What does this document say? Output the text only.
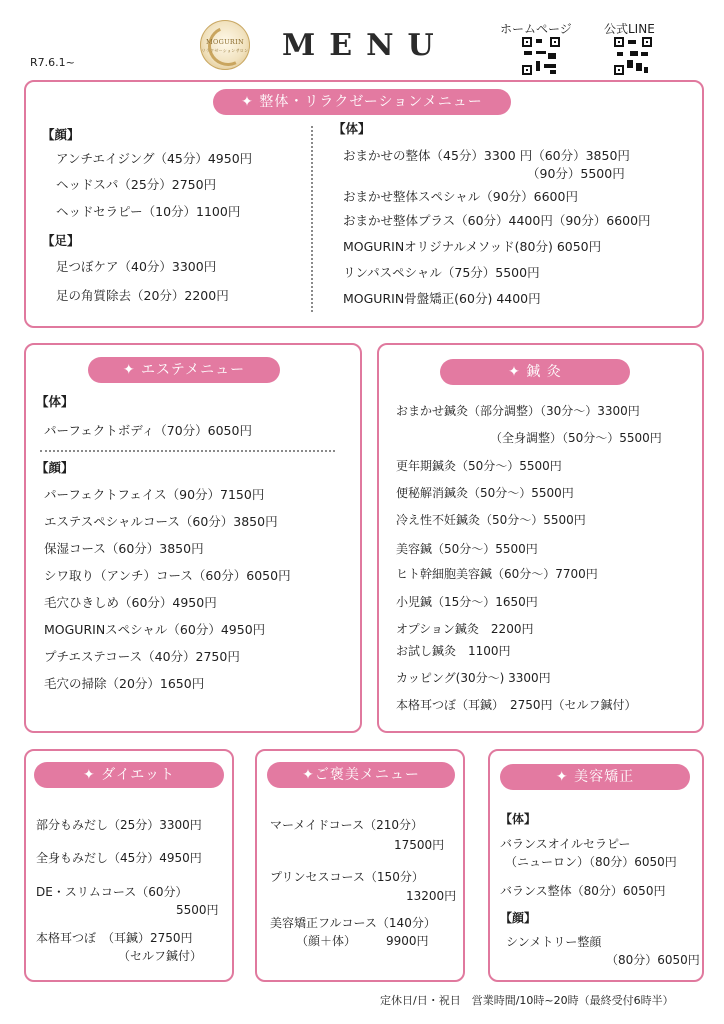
R7.6.1~
MOGURIN
リラクゼーションサロン MENU	ホームページ	公式LINE
✦ 整体・リラクゼーションメニュー
【顔】
アンチエイジング（45分）4950円
ヘッドスパ（25分）2750円
ヘッドセラピー（10分）1100円
【足】
足つぼケア（40分）3300円
足の角質除去（20分）2200円
【体】
おまかせの整体（45分）3300 円（60分）3850円
（90分）5500円
おまかせ整体スペシャル（90分）6600円
おまかせ整体プラス（60分）4400円（90分）6600円
MOGURINオリジナルメソッド(80分) 6050円
リンパスペシャル（75分）5500円
MOGURIN骨盤矯正(60分) 4400円
✦ エステメニュー
【体】
パーフェクトボディ（70分）6050円
【顔】
パーフェクトフェイス（90分）7150円
エステスペシャルコース（60分）3850円
保湿コース（60分）3850円
シワ取り（アンチ）コース（60分）6050円
毛穴ひきしめ（60分）4950円
MOGURINスペシャル（60分）4950円
プチエステコース（40分）2750円
毛穴の掃除（20分）1650円
✦ 鍼 灸
おまかせ鍼灸（部分調整）（30分～）3300円
（全身調整）（50分～）5500円
更年期鍼灸（50分～）5500円
便秘解消鍼灸（50分～）5500円
冷え性不妊鍼灸（50分～）5500円
美容鍼（50分～）5500円
ヒト幹細胞美容鍼（60分～）7700円
小児鍼（15分～）1650円
オプション鍼灸　2200円
お試し鍼灸　1100円
カッピング(30分～) 3300円
本格耳つぼ（耳鍼）　2750円（セルフ鍼付）
✦ ダイエット
部分もみだし（25分）3300円
全身もみだし（45分）4950円
DE・スリムコース（60分）
5500円
本格耳つぼ　（耳鍼）2750円
（セルフ鍼付）
✦ご褒美メニュー
マーメイドコース（210分）
17500円
プリンセスコース（150分）
13200円
美容矯正フルコース（140分）
（顔＋体）　　　9900円
✦ 美容矯正
【体】
バランスオイルセラピー
（ニューロン）（80分）6050円
バランス整体（80分）6050円
【顔】
シンメトリー整顔
（80分）6050円
定休日/日・祝日　営業時間/10時~20時（最終受付6時半）
